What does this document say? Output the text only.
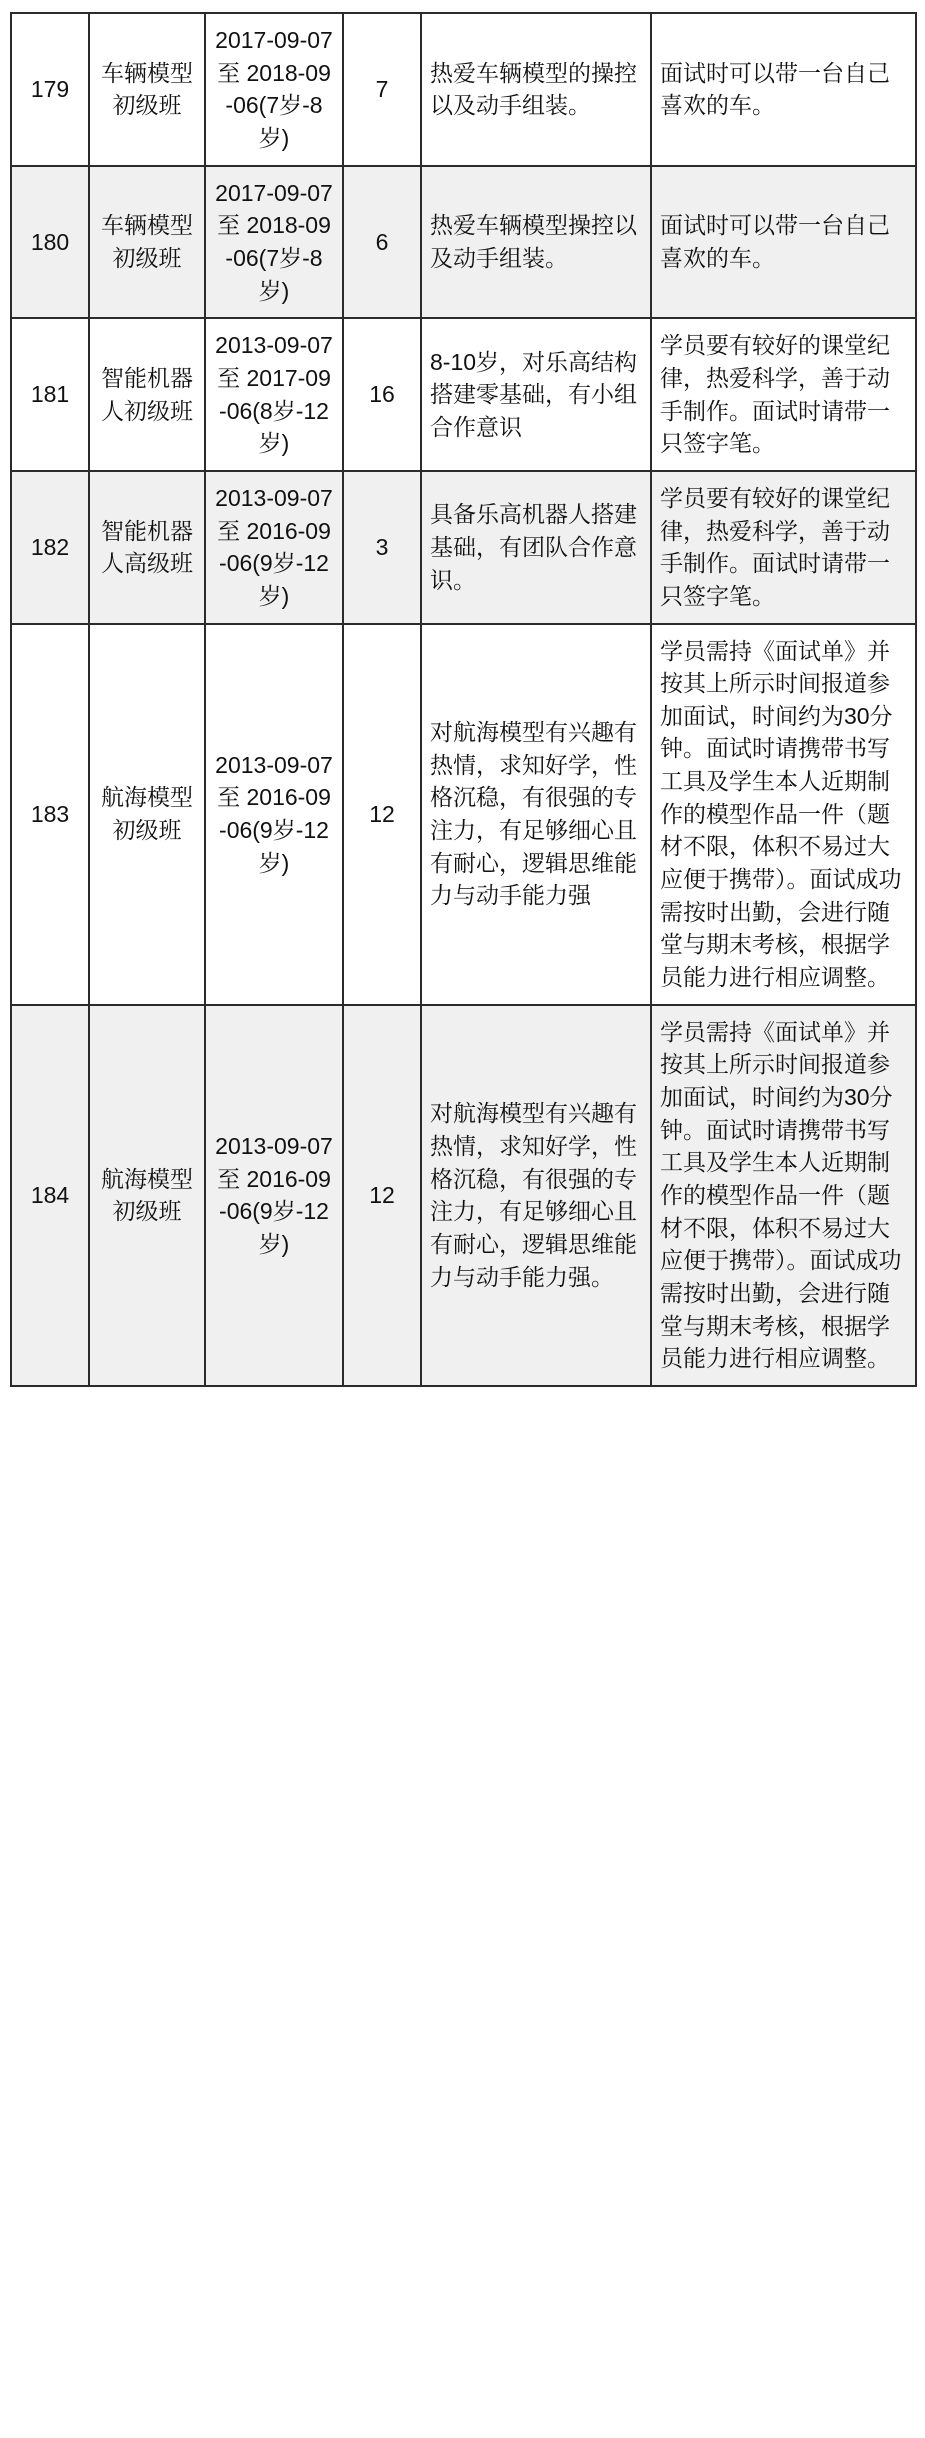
179	车辆模型初级班	2017-09-07 至 2018-09-06(7岁-8岁)	7	热爱车辆模型的操控以及动手组装。	面试时可以带一台自己喜欢的车。
180	车辆模型初级班	2017-09-07 至 2018-09-06(7岁-8岁)	6	热爱车辆模型操控以及动手组装。	面试时可以带一台自己喜欢的车。
181	智能机器人初级班	2013-09-07 至 2017-09-06(8岁-12岁)	16	8-10岁，对乐高结构搭建零基础，有小组合作意识	学员要有较好的课堂纪律，热爱科学，善于动手制作。面试时请带一只签字笔。
182	智能机器人高级班	2013-09-07 至 2016-09-06(9岁-12岁)	3	具备乐高机器人搭建基础，有团队合作意识。	学员要有较好的课堂纪律，热爱科学，善于动手制作。面试时请带一只签字笔。
183	航海模型初级班	2013-09-07 至 2016-09-06(9岁-12岁)	12	对航海模型有兴趣有热情，求知好学，性格沉稳，有很强的专注力，有足够细心且有耐心，逻辑思维能力与动手能力强	学员需持《面试单》并按其上所示时间报道参加面试，时间约为30分钟。面试时请携带书写工具及学生本人近期制作的模型作品一件（题材不限，体积不易过大应便于携带）。面试成功需按时出勤，会进行随堂与期末考核，根据学员能力进行相应调整。
184	航海模型初级班	2013-09-07 至 2016-09-06(9岁-12岁)	12	对航海模型有兴趣有热情，求知好学，性格沉稳，有很强的专注力，有足够细心且有耐心，逻辑思维能力与动手能力强。	学员需持《面试单》并按其上所示时间报道参加面试，时间约为30分钟。面试时请携带书写工具及学生本人近期制作的模型作品一件（题材不限，体积不易过大应便于携带）。面试成功需按时出勤，会进行随堂与期末考核，根据学员能力进行相应调整。
